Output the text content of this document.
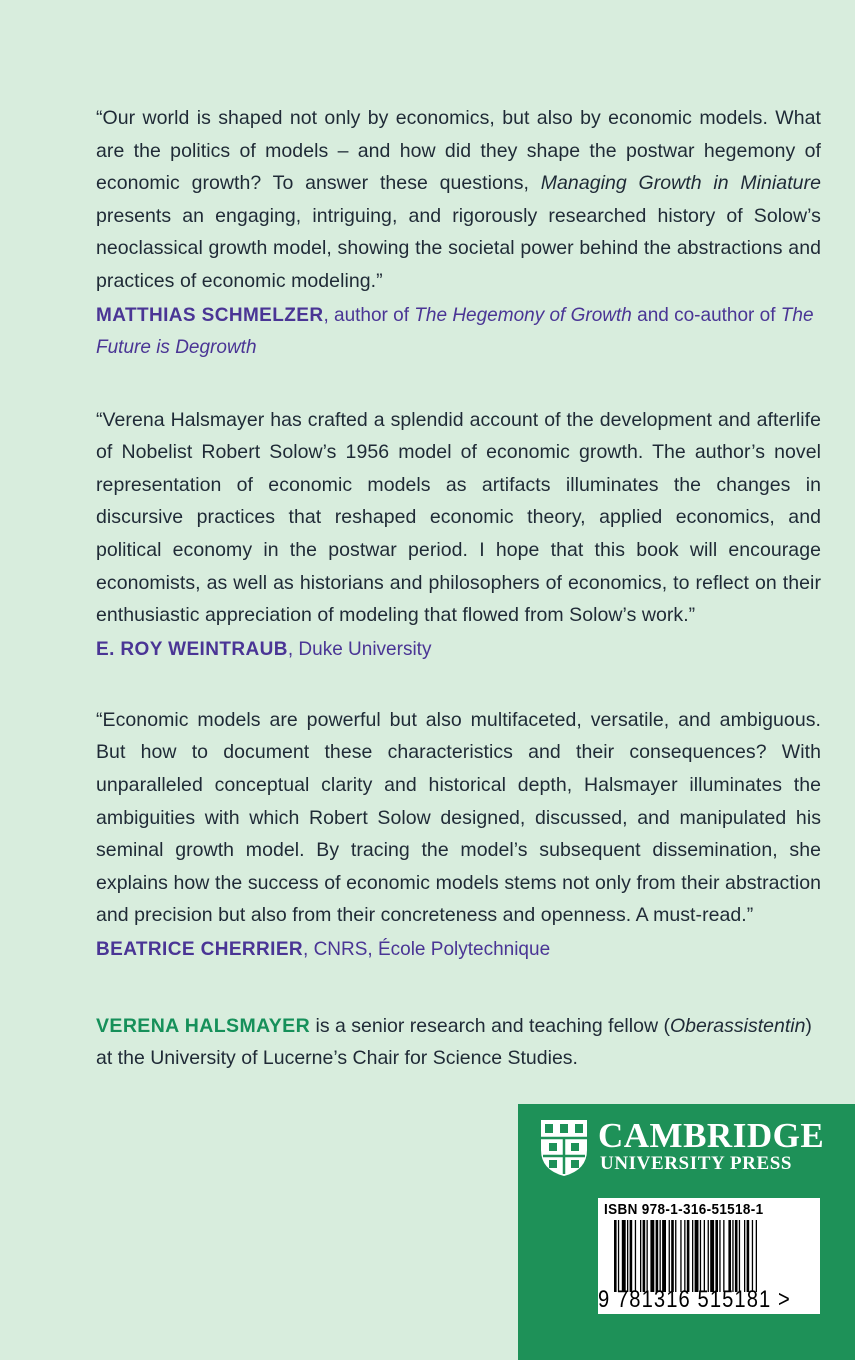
“Our world is shaped not only by economics, but also by economic models. What are the politics of models – and how did they shape the postwar hegemony of economic growth? To answer these questions, Managing Growth in Miniature presents an engaging, intriguing, and rigorously researched history of Solow’s neoclassical growth model, showing the societal power behind the abstractions and practices of economic modeling.”

MATTHIAS SCHMELZER, author of The Hegemony of Growth and co-author of The Future is Degrowth

“Verena Halsmayer has crafted a splendid account of the development and afterlife of Nobelist Robert Solow’s 1956 model of economic growth. The author’s novel representation of economic models as artifacts illuminates the changes in discursive practices that reshaped economic theory, applied economics, and political economy in the postwar period. I hope that this book will encourage economists, as well as historians and philosophers of economics, to reflect on their enthusiastic appreciation of modeling that flowed from Solow’s work.”

E. ROY WEINTRAUB, Duke University

“Economic models are powerful but also multifaceted, versatile, and ambiguous. But how to document these characteristics and their consequences? With unparalleled conceptual clarity and historical depth, Halsmayer illuminates the ambiguities with which Robert Solow designed, discussed, and manipulated his seminal growth model. By tracing the model’s subsequent dissemination, she explains how the success of economic models stems not only from their abstraction and precision but also from their concreteness and openness. A must-read.”

BEATRICE CHERRIER, CNRS, École Polytechnique

VERENA HALSMAYER is a senior research and teaching fellow (Oberassistentin) at the University of Lucerne’s Chair for Science Studies.

CAMBRIDGE
UNIVERSITY PRESS
ISBN 978-1-316-51518-1
9 781316 515181 >
